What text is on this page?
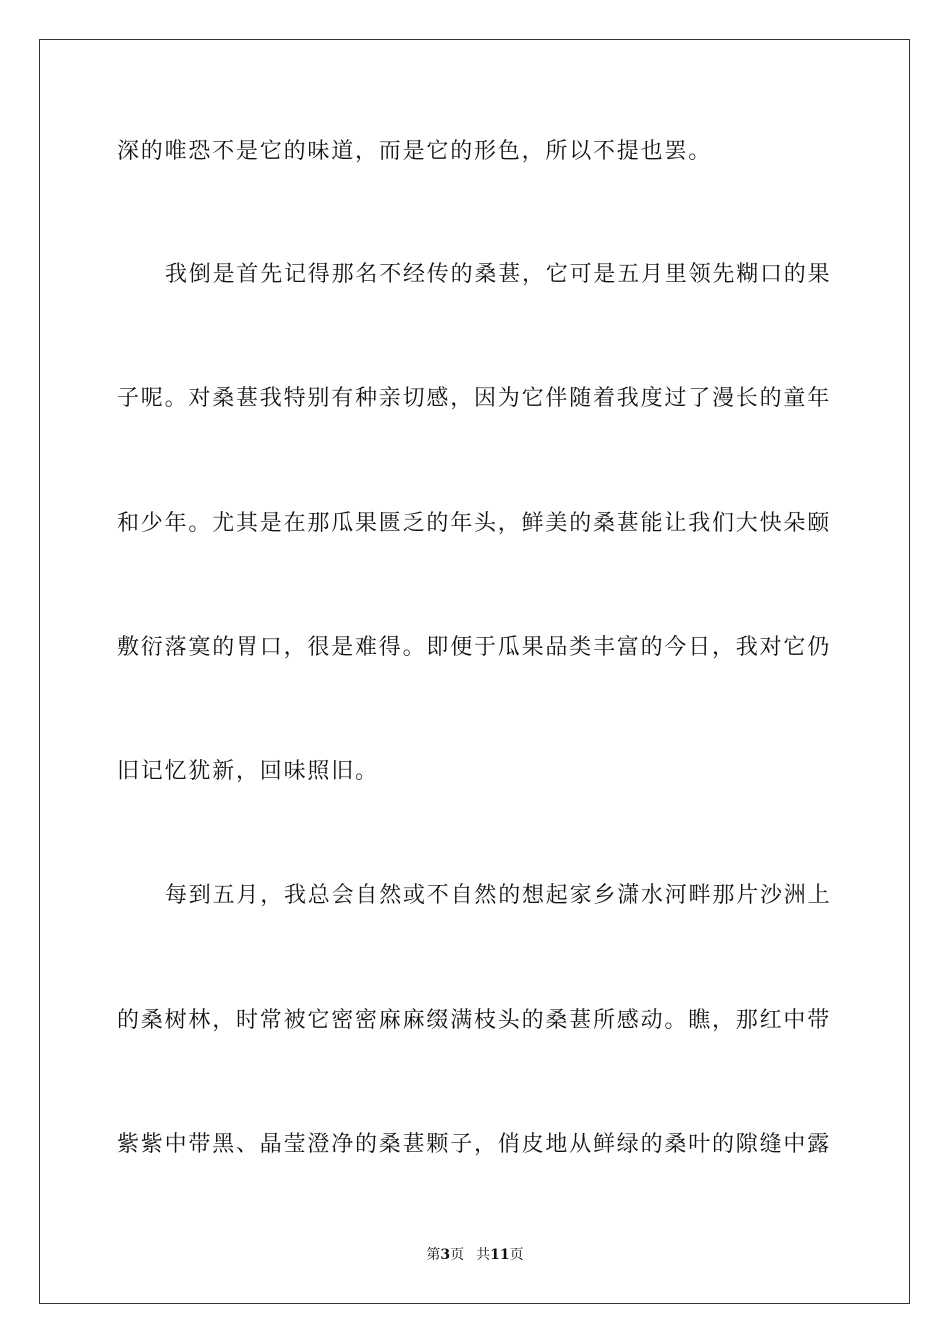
深的唯恐不是它的味道，而是它的形色，所以不提也罢。
我倒是首先记得那名不经传的桑葚，它可是五月里领先糊口的果
子呢。对桑葚我特别有种亲切感，因为它伴随着我度过了漫长的童年
和少年。尤其是在那瓜果匮乏的年头，鲜美的桑葚能让我们大快朵颐
敷衍落寞的胃口，很是难得。即便于瓜果品类丰富的今日，我对它仍
旧记忆犹新，回味照旧。
每到五月，我总会自然或不自然的想起家乡潇水河畔那片沙洲上
的桑树林，时常被它密密麻麻缀满枝头的桑葚所感动。瞧，那红中带
紫紫中带黑、晶莹澄净的桑葚颗子，俏皮地从鲜绿的桑叶的隙缝中露
第3页 共11页
